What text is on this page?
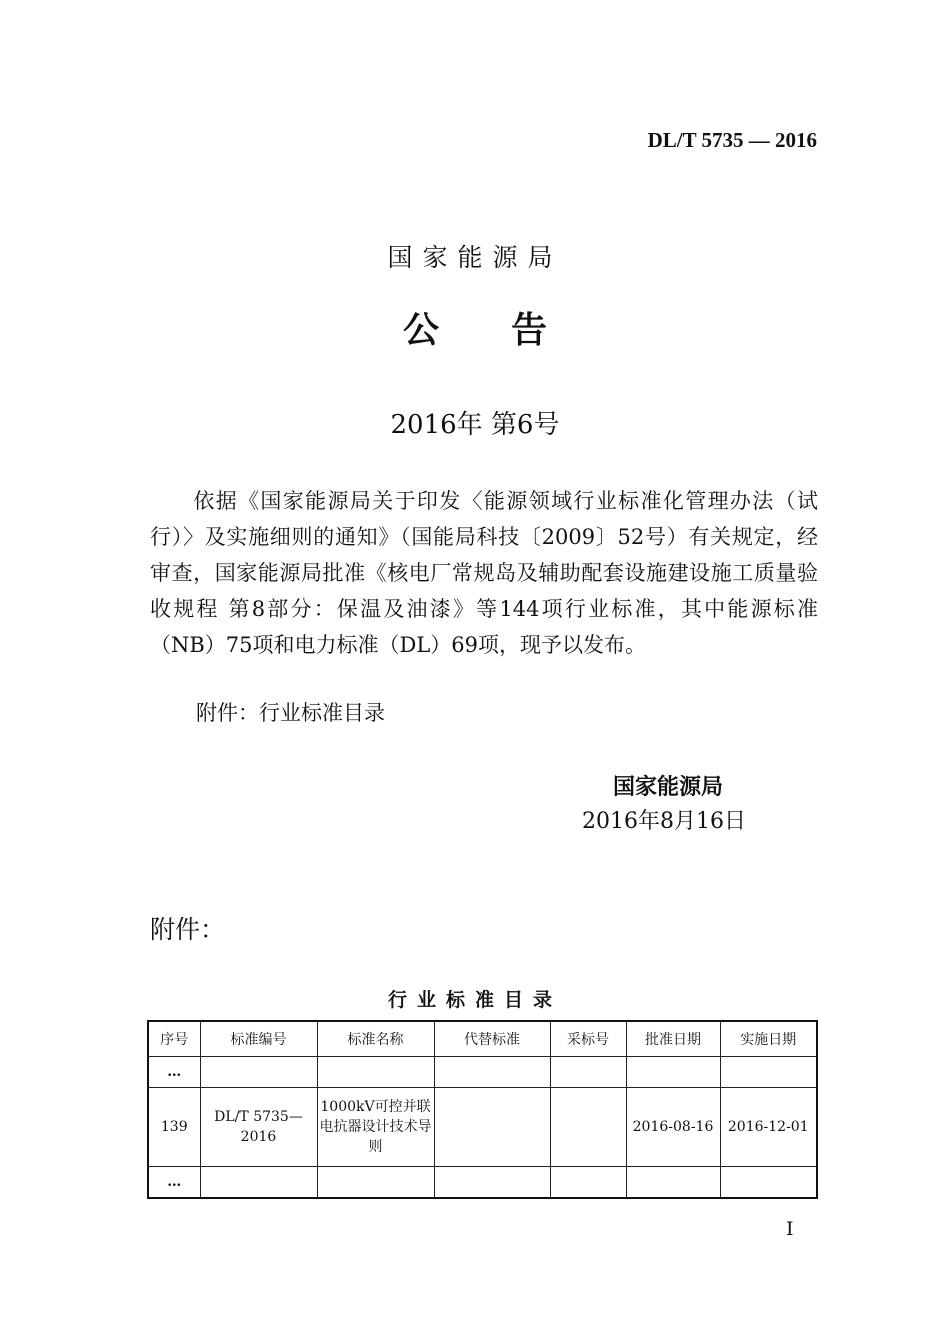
DL/T 5735 — 2016
国家能源局
公告
2016年 第6号
依据《国家能源局关于印发〈能源领域行业标准化管理办法（试行）〉及实施细则的通知》（国能局科技〔2009〕52号）有关规定，经审查，国家能源局批准《核电厂常规岛及辅助配套设施建设施工质量验收规程 第8部分：保温及油漆》等144项行业标准，其中能源标准（NB）75项和电力标准（DL）69项，现予以发布。
附件：行业标准目录
国家能源局
2016年8月16日
附件：
行业标准目录
序号	标准编号	标准名称	代替标准	采标号	批准日期	实施日期
…						
139	DL/T 5735—2016	1000kV可控并联电抗器设计技术导则			2016-08-16	2016-12-01
…						
I
